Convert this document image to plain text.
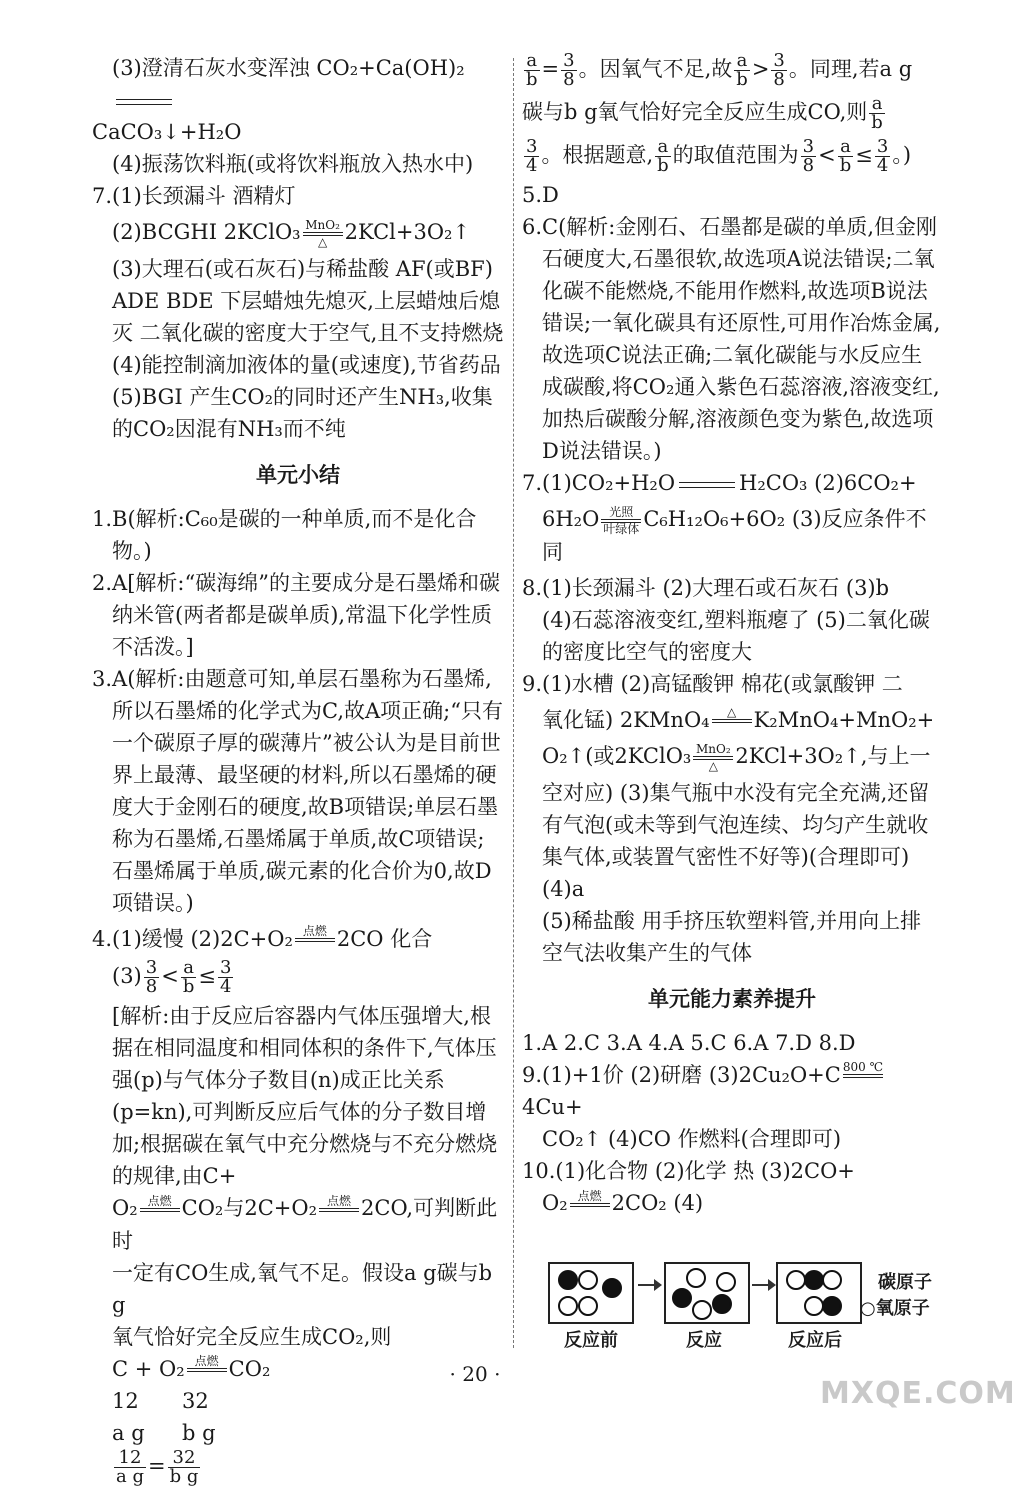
(3)澄清石灰水变浑浊 CO₂+Ca(OH)₂

CaCO₃↓+H₂O

(4)振荡饮料瓶(或将饮料瓶放入热水中)

7.(1)长颈漏斗 酒精灯

(2)BCGHI 2KClO₃ MnO₂
△ 2KCl+3O₂↑

(3)大理石(或石灰石)与稀盐酸 AF(或BF)

ADE BDE 下层蜡烛先熄灭,上层蜡烛后熄

灭 二氧化碳的密度大于空气,且不支持燃烧

(4)能控制滴加液体的量(或速度),节省药品

(5)BGI 产生CO₂的同时还产生NH₃,收集

的CO₂因混有NH₃而不纯

单元小结

1.B(解析:C₆₀是碳的一种单质,而不是化合物。)

2.A[解析:“碳海绵”的主要成分是石墨烯和碳纳米管(两者都是碳单质),常温下化学性质不活泼。]

3.A(解析:由题意可知,单层石墨称为石墨烯,所以石墨烯的化学式为C,故A项正确;“只有一个碳原子厚的碳薄片”被公认为是目前世界上最薄、最坚硬的材料,所以石墨烯的硬度大于金刚石的硬度,故B项错误;单层石墨称为石墨烯,石墨烯属于单质,故C项错误;石墨烯属于单质,碳元素的化合价为0,故D项错误。)

4.(1)缓慢 (2)2C+O₂ 点燃
2CO 化合

$(3) \frac{3}{8} < \frac{a}{b} \le \frac{3}{4}$

[解析:由于反应后容器内气体压强增大,根据在相同温度和相同体积的条件下,气体压强(p)与气体分子数目(n)成正比关系(p=kn),可判断反应后气体的分子数目增加;根据碳在氧气中充分燃烧与不充分燃烧的规律,由C+

O₂ 点燃
CO₂与2C+O₂ 点燃
2CO,可判断此时

一定有CO生成,氧气不足。假设a g碳与b g

氧气恰好完全反应生成CO₂,则

C + O₂ 点燃
CO₂

12 32

a g b g

$\frac{12}{\text{a g}} = \frac{32}{\text{b g}}$

$\frac{a}{b} = \frac{3}{8}$ 。因氧气不足,故 $\frac{a}{b} > \frac{3}{8}$ 。同理,若a g

碳与b g氧气恰好完全反应生成CO,则 $\frac{a}{b}$

$\frac{3}{4}$ 。根据题意, $\frac{a}{b}$ 的取值范围为 $\frac{3}{8} < \frac{a}{b} \le \frac{3}{4}$ 。)

5.D

6.C(解析:金刚石、石墨都是碳的单质,但金刚石硬度大,石墨很软,故选项A说法错误;二氧化碳不能燃烧,不能用作燃料,故选项B说法错误;一氧化碳具有还原性,可用作冶炼金属,故选项C说法正确;二氧化碳能与水反应生成碳酸,将CO₂通入紫色石蕊溶液,溶液变红,加热后碳酸分解,溶液颜色变为紫色,故选项D说法错误。)

7.(1)CO₂+H₂O	H₂CO₃ (2)6CO₂+

6H₂O 光照
叶绿体 C₆H₁₂O₆+6O₂ (3)反应条件不同

8.(1)长颈漏斗 (2)大理石或石灰石 (3)b

(4)石蕊溶液变红,塑料瓶瘪了 (5)二氧化碳的密度比空气的密度大

9.(1)水槽 (2)高锰酸钾 棉花(或氯酸钾 二

氧化锰) 2KMnO₄	△
K₂MnO₄+MnO₂+

O₂↑(或2KClO₃ MnO₂
△ 2KCl+3O₂↑,与上一

空对应) (3)集气瓶中水没有完全充满,还留有气泡(或未等到气泡连续、均匀产生就收集气体,或装置气密性不好等)(合理即可) (4)a

(5)稀盐酸 用手挤压软塑料管,并用向上排空气法收集产生的气体

单元能力素养提升

1.A 2.C 3.A 4.A 5.C 6.A 7.D 8.D

9.(1)+1价 (2)研磨 (3)2Cu₂O+C 800 ℃

4Cu+

CO₂↑ (4)CO 作燃料(合理即可)

10.(1)化合物 (2)化学 热 (3)2CO+

O₂ 点燃
2CO₂ (4)

反应前	反应	反应后
碳原子
○氧原子
· 20 ·
MXQE.COM
